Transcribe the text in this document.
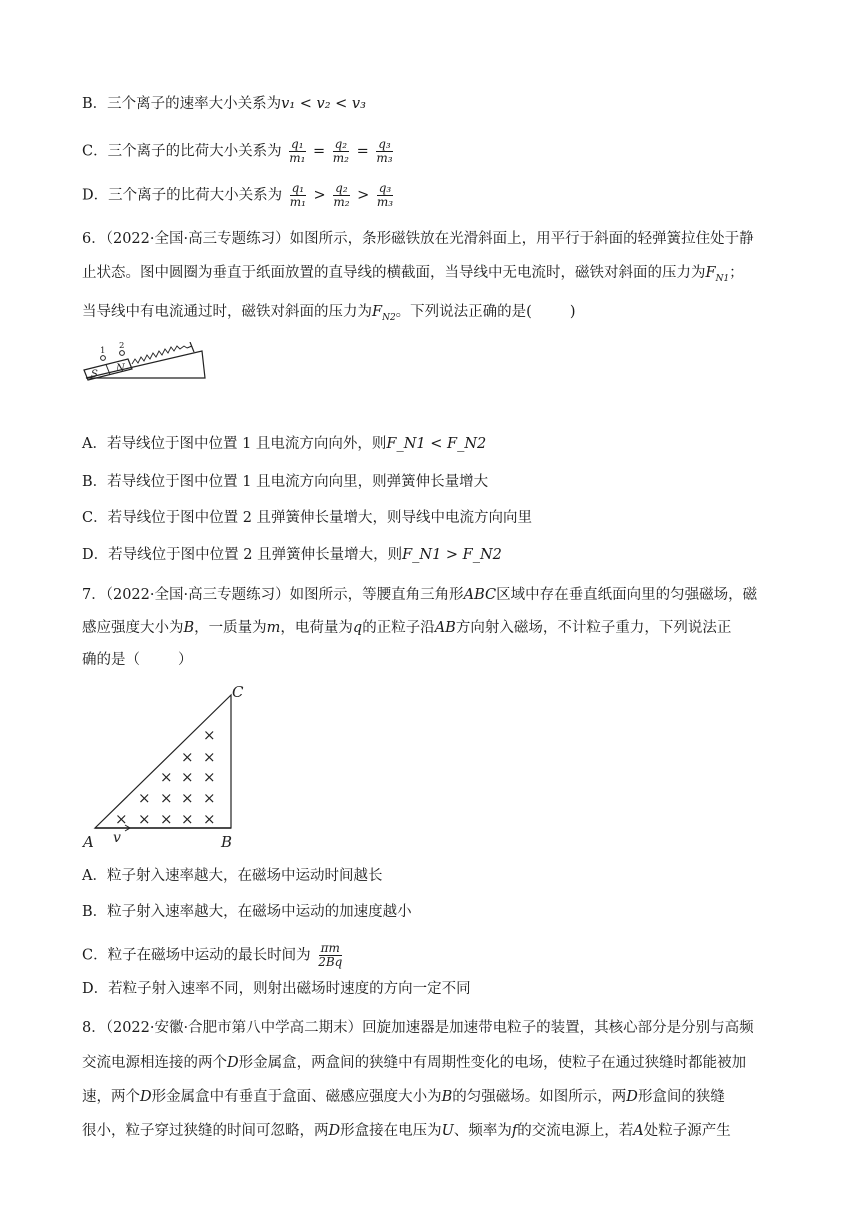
B．三个离子的速率大小关系为v₁ < v₂ < v₃
C．三个离子的比荷大小关系为 $\frac{\text{q₁}}{\text{m₁}} = \frac{\text{q₂}}{\text{m₂}} = \frac{\text{q₃}}{\text{m₃}}$
D．三个离子的比荷大小关系为 $\frac{\text{q₁}}{\text{m₁}} > \frac{\text{q₂}}{\text{m₂}} > \frac{\text{q₃}}{\text{m₃}}$
6．（2022·全国·高三专题练习）如图所示，条形磁铁放在光滑斜面上，用平行于斜面的轻弹簧拉住处于静
止状态。图中圆圈为垂直于纸面放置的直导线的横截面，当导线中无电流时，磁铁对斜面的压力为$F_{N1}$；
当导线中有电流通过时，磁铁对斜面的压力为$F_{N2}$。下列说法正确的是(	)
1 2
S
N
A．若导线位于图中位置 1 且电流方向向外，则F_N1 < F_N2
B．若导线位于图中位置 1 且电流方向向里，则弹簧伸长量增大
C．若导线位于图中位置 2 且弹簧伸长量增大，则导线中电流方向向里
D．若导线位于图中位置 2 且弹簧伸长量增大，则F_N1 > F_N2
7．（2022·全国·高三专题练习）如图所示，等腰直角三角形ABC区域中存在垂直纸面向里的匀强磁场，磁
感应强度大小为B，一质量为m，电荷量为q的正粒子沿AB方向射入磁场，不计粒子重力，下列说法正
确的是（	）
C
A	B
v
×
× ×
× × ×
× × × ×
× × × × ×
A．粒子射入速率越大，在磁场中运动时间越长
B．粒子射入速率越大，在磁场中运动的加速度越小
C．粒子在磁场中运动的最长时间为 $\frac{\pi m}{2Bq}$
D．若粒子射入速率不同，则射出磁场时速度的方向一定不同
8．（2022·安徽·合肥市第八中学高二期末）回旋加速器是加速带电粒子的装置，其核心部分是分别与高频
交流电源相连接的两个D形金属盒，两盒间的狭缝中有周期性变化的电场，使粒子在通过狭缝时都能被加
速，两个D形金属盒中有垂直于盒面、磁感应强度大小为B的匀强磁场。如图所示，两D形盒间的狭缝
很小，粒子穿过狭缝的时间可忽略，两D形盒接在电压为U、频率为f的交流电源上，若A处粒子源产生
